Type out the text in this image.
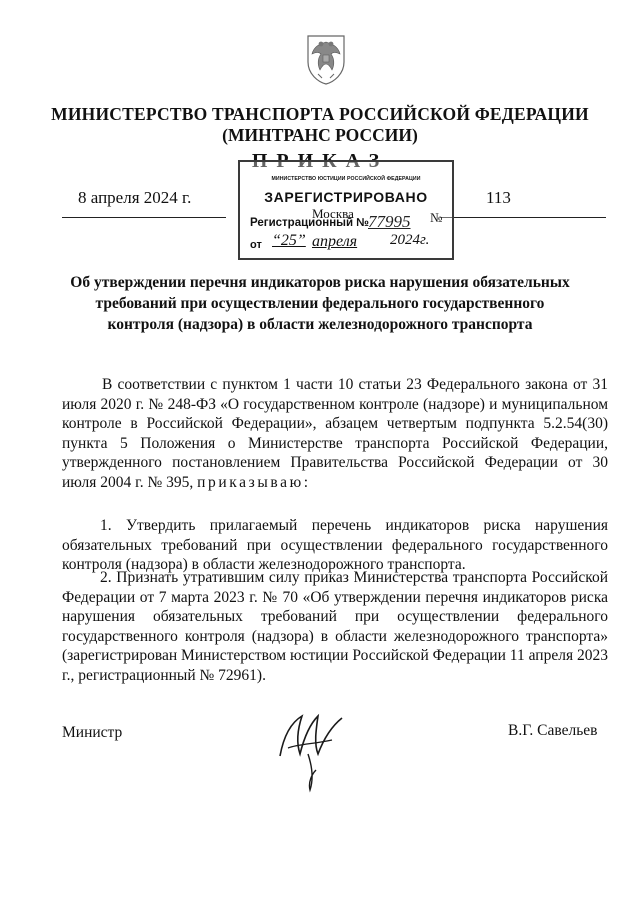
МИНИСТЕРСТВО ТРАНСПОРТА РОССИЙСКОЙ ФЕДЕРАЦИИ
(МИНТРАНС РОССИИ)
ПРИКАЗ
8 апреля 2024 г.	113
МИНИСТЕРСТВО ЮСТИЦИИ РОССИЙСКОЙ ФЕДЕРАЦИИ
ЗАРЕГИСТРИРОВАНО
Регистрационный №
Москва 77995 №
от “25” апреля 2024г.
Об утверждении перечня индикаторов риска нарушения обязательных требований при осуществлении федерального государственного контроля (надзора) в области железнодорожного транспорта
В соответствии с пунктом 1 части 10 статьи 23 Федерального закона от 31 июля 2020 г. № 248-ФЗ «О государственном контроле (надзоре) и муниципальном контроле в Российской Федерации», абзацем четвертым подпункта 5.2.54(30) пункта 5 Положения о Министерстве транспорта Российской Федерации, утвержденного постановлением Правительства Российской Федерации от 30 июля 2004 г. № 395, приказываю:
1. Утвердить прилагаемый перечень индикаторов риска нарушения обязательных требований при осуществлении федерального государственного контроля (надзора) в области железнодорожного транспорта.
2. Признать утратившим силу приказ Министерства транспорта Российской Федерации от 7 марта 2023 г. № 70 «Об утверждении перечня индикаторов риска нарушения обязательных требований при осуществлении федерального государственного контроля (надзора) в области железнодорожного транспорта» (зарегистрирован Министерством юстиции Российской Федерации 11 апреля 2023 г., регистрационный № 72961).
Министр	В.Г. Савельев
